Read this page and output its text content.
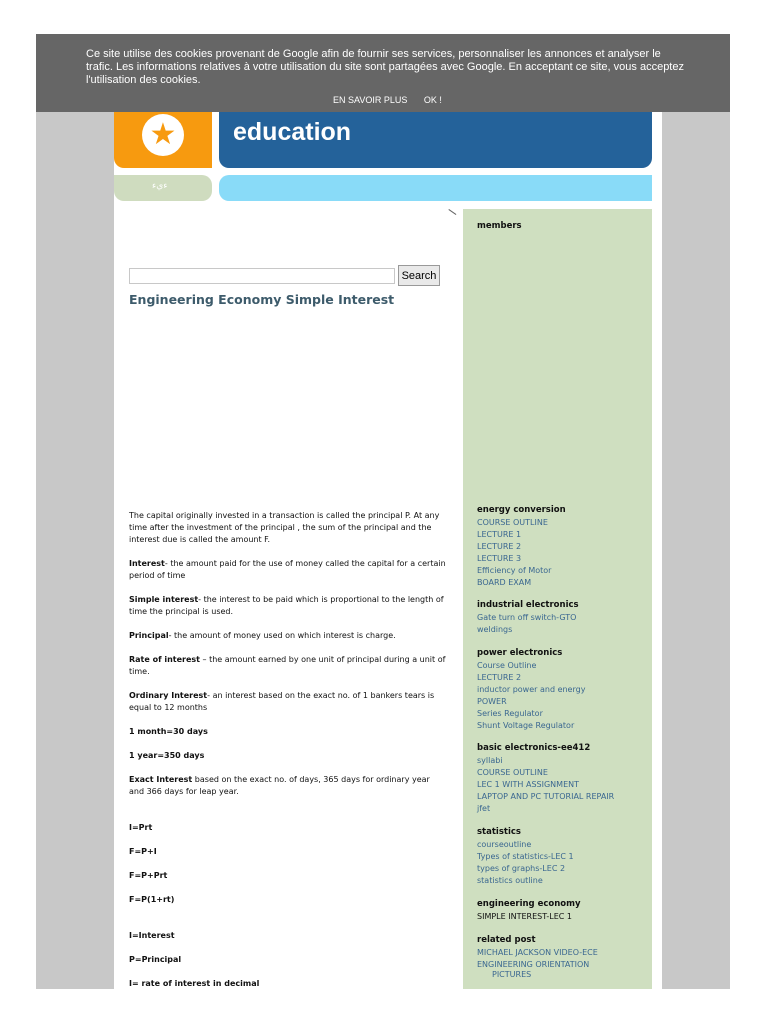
★ education
ءيء
Search
Engineering Economy Simple Interest

The capital originally invested in a transaction is called the principal P. At any time after the investment of the principal , the sum of the principal and the interest due is called the amount F.

Interest- the amount paid for the use of money called the capital for a certain period of time

Simple interest- the interest to be paid which is proportional to the length of time the principal is used.

Principal- the amount of money used on which interest is charge.

Rate of interest – the amount earned by one unit of principal during a unit of time.

Ordinary Interest- an interest based on the exact no. of 1 bankers tears is equal to 12 months

1 month=30 days

1 year=350 days

Exact Interest based on the exact no. of days, 365 days for ordinary year and 366 days for leap year.

I=Prt

F=P+I

F=P+Prt

F=P(1+rt)

I=Interest

P=Principal

I= rate of interest in decimal

members
energy conversion
COURSE OUTLINE
LECTURE 1
LECTURE 2
LECTURE 3
Efficiency of Motor
BOARD EXAM
industrial electronics
Gate turn off switch-GTO
weldings
power electronics
Course Outline
LECTURE 2
inductor power and energy
POWER
Series Regulator
Shunt Voltage Regulator
basic electronics-ee412
syllabi
COURSE OUTLINE
LEC 1 WITH ASSIGNMENT
LAPTOP AND PC TUTORIAL REPAIR
jfet
statistics
courseoutline
Types of statistics-LEC 1
types of graphs-LEC 2
statistics outline
engineering economy
SIMPLE INTEREST-LEC 1
related post
MICHAEL JACKSON VIDEO-ECE
ENGINEERING ORIENTATION
PICTURES
Ce site utilise des cookies provenant de Google afin de fournir ses services, personnaliser les annonces et analyser le trafic. Les informations relatives à votre utilisation du site sont partagées avec Google. En acceptant ce site, vous acceptez l'utilisation des cookies.
EN SAVOIR PLUS OK !
